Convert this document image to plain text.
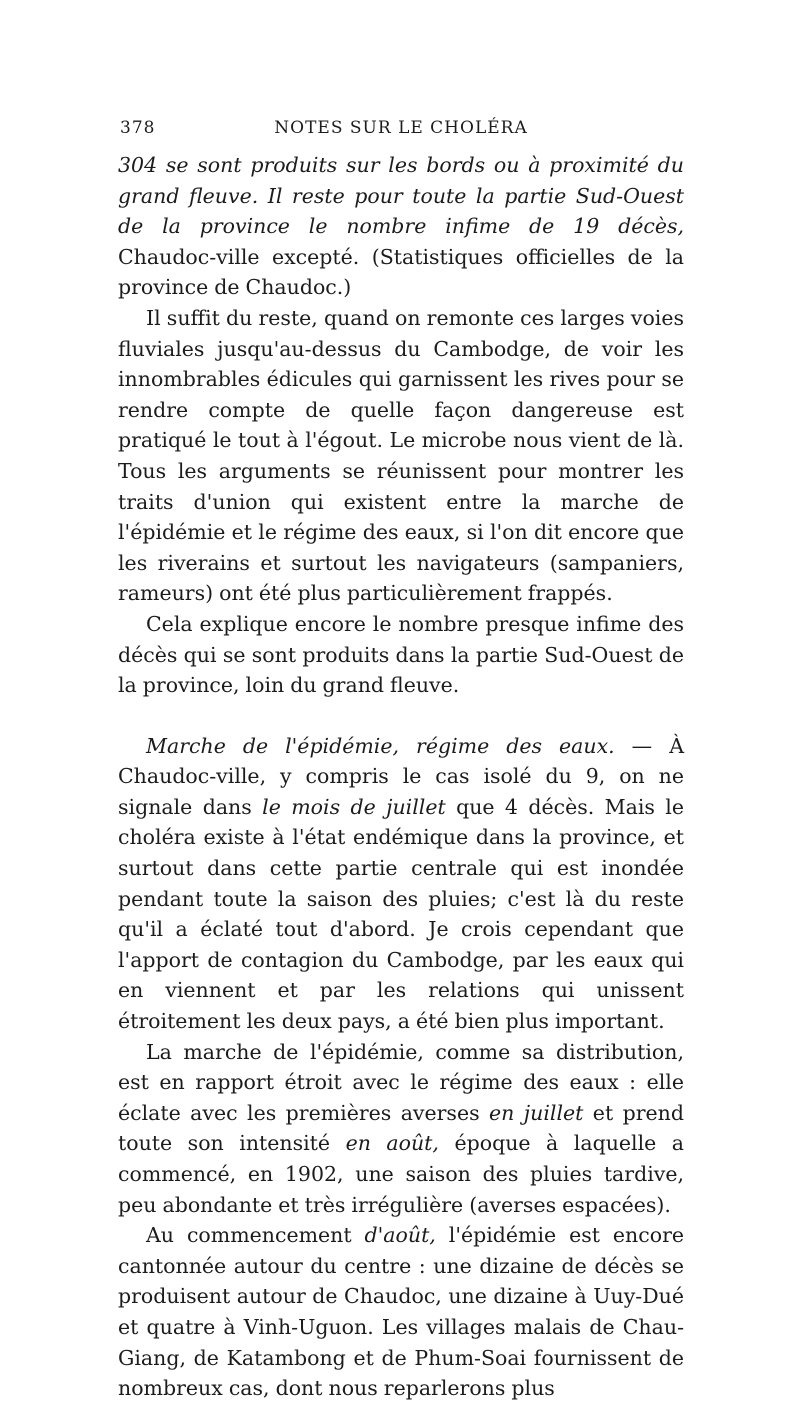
378	NOTES SUR LE CHOLÉRA

304 se sont produits sur les bords ou à proximité du grand fleuve. Il reste pour toute la partie Sud-Ouest de la province le nombre infime de 19 décès, Chaudoc-ville excepté. (Statistiques officielles de la province de Chaudoc.)

Il suffit du reste, quand on remonte ces larges voies fluviales jusqu'au-dessus du Cambodge, de voir les innombrables édicules qui garnissent les rives pour se rendre compte de quelle façon dangereuse est pratiqué le tout à l'égout. Le microbe nous vient de là. Tous les arguments se réunissent pour montrer les traits d'union qui existent entre la marche de l'épidémie et le régime des eaux, si l'on dit encore que les riverains et surtout les navigateurs (sampaniers, rameurs) ont été plus particulièrement frappés.

Cela explique encore le nombre presque infime des décès qui se sont produits dans la partie Sud-Ouest de la province, loin du grand fleuve.

Marche de l'épidémie, régime des eaux. — À Chaudoc-ville, y compris le cas isolé du 9, on ne signale dans le mois de juillet que 4 décès. Mais le choléra existe à l'état endémique dans la province, et surtout dans cette partie centrale qui est inondée pendant toute la saison des pluies; c'est là du reste qu'il a éclaté tout d'abord. Je crois cependant que l'apport de contagion du Cambodge, par les eaux qui en viennent et par les relations qui unissent étroitement les deux pays, a été bien plus important.

La marche de l'épidémie, comme sa distribution, est en rapport étroit avec le régime des eaux : elle éclate avec les premières averses en juillet et prend toute son intensité en août, époque à laquelle a commencé, en 1902, une saison des pluies tardive, peu abondante et très irrégulière (averses espacées).

Au commencement d'août, l'épidémie est encore cantonnée autour du centre : une dizaine de décès se produisent autour de Chaudoc, une dizaine à Uuy-Dué et quatre à Vinh-Uguon. Les villages malais de Chau-Giang, de Katambong et de Phum-Soai fournissent de nombreux cas, dont nous reparlerons plus
